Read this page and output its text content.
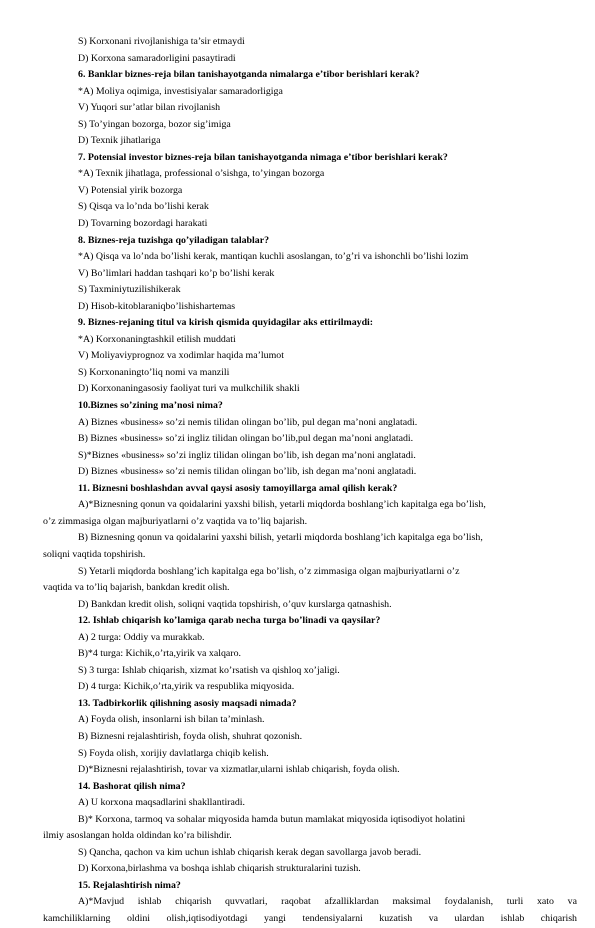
S) Korxonani rivojlanishiga ta’sir etmaydi
D) Korxona samaradorligini pasaytiradi
6. Banklar biznes-reja bilan tanishayotganda nimalarga e’tibor berishlari kerak?
*A) Moliya oqimiga, investisiyalar samaradorligiga
V) Yuqori sur’atlar bilan rivojlanish
S) To’yingan bozorga, bozor sig’imiga
D) Texnik jihatlariga
7. Potensial investor biznes-reja bilan tanishayotganda nimaga e’tibor berishlari kerak?
*A) Texnik jihatlaga, professional o’sishga, to’yingan bozorga
V) Potensial yirik bozorga
S) Qisqa va lo’nda bo’lishi kerak
D) Tovarning bozordagi harakati
8. Biznes-reja tuzishga qo’yiladigan talablar?
*A) Qisqa va lo’nda bo’lishi kerak, mantiqan kuchli asoslangan, to’g’ri va ishonchli bo’lishi lozim
V) Bo’limlari haddan tashqari ko’p bo’lishi kerak
S) Taxminiytuzilishikerak
D) Hisob-kitoblaraniqbo’lishishartemas
9. Biznes-rejaning titul va kirish qismida quyidagilar aks ettirilmaydi:
*A) Korxonaningtashkil etilish muddati
V) Moliyaviyprognoz va xodimlar haqida ma’lumot
S) Korxonaningto’liq nomi va manzili
D) Korxonaningasosiy faoliyat turi va mulkchilik shakli
10.Biznes so’zining ma’nosi nima?
A) Biznes «business» so’zi nemis tilidan olingan bo’lib, pul degan ma’noni anglatadi.
B) Biznes «business» so’zi ingliz tilidan olingan bo’lib,pul degan ma’noni anglatadi.
S)*Biznes «business» so’zi ingliz tilidan olingan bo’lib, ish degan ma’noni anglatadi.
D) Biznes «business» so’zi nemis tilidan olingan bo’lib, ish degan ma’noni anglatadi.
11. Biznesni boshlashdan avval qaysi asosiy tamoyillarga amal qilish kerak?
A)*Biznesning qonun va qoidalarini yaxshi bilish, yetarli miqdorda boshlang’ich kapitalga ega bo’lish,
o’z zimmasiga olgan majburiyatlarni o’z vaqtida va to’liq bajarish.
B) Biznesning qonun va qoidalarini yaxshi bilish, yetarli miqdorda boshlang’ich kapitalga ega bo’lish,
soliqni vaqtida topshirish.
S) Yetarli miqdorda boshlang’ich kapitalga ega bo’lish, o’z zimmasiga olgan majburiyatlarni o’z
vaqtida va to’liq bajarish, bankdan kredit olish.
D) Bankdan kredit olish, soliqni vaqtida topshirish, o’quv kurslarga qatnashish.
12. Ishlab chiqarish ko’lamiga qarab necha turga bo’linadi va qaysilar?
A) 2 turga: Oddiy va murakkab.
B)*4 turga: Kichik,o’rta,yirik va xalqaro.
S) 3 turga: Ishlab chiqarish, xizmat ko’rsatish va qishloq xo’jaligi.
D) 4 turga: Kichik,o’rta,yirik va respublika miqyosida.
13. Tadbirkorlik qilishning asosiy maqsadi nimada?
A) Foyda olish, insonlarni ish bilan ta’minlash.
B) Biznesni rejalashtirish, foyda olish, shuhrat qozonish.
S) Foyda olish, xorijiy davlatlarga chiqib kelish.
D)*Biznesni rejalashtirish, tovar va xizmatlar,ularni ishlab chiqarish, foyda olish.
14. Bashorat qilish nima?
A) U korxona maqsadlarini shakllantiradi.
B)* Korxona, tarmoq va sohalar miqyosida hamda butun mamlakat miqyosida iqtisodiyot holatini
ilmiy asoslangan holda oldindan ko’ra bilishdir.
S) Qancha, qachon va kim uchun ishlab chiqarish kerak degan savollarga javob beradi.
D) Korxona,birlashma va boshqa ishlab chiqarish strukturalarini tuzish.
15. Rejalashtirish nima?
A)*Mavjud ishlab chiqarish quvvatlari, raqobat afzalliklardan maksimal foydalanish, turli xato va
kamchiliklarning oldini olish,iqtisodiyotdagi yangi tendensiyalarni kuzatish va ulardan ishlab chiqarish
